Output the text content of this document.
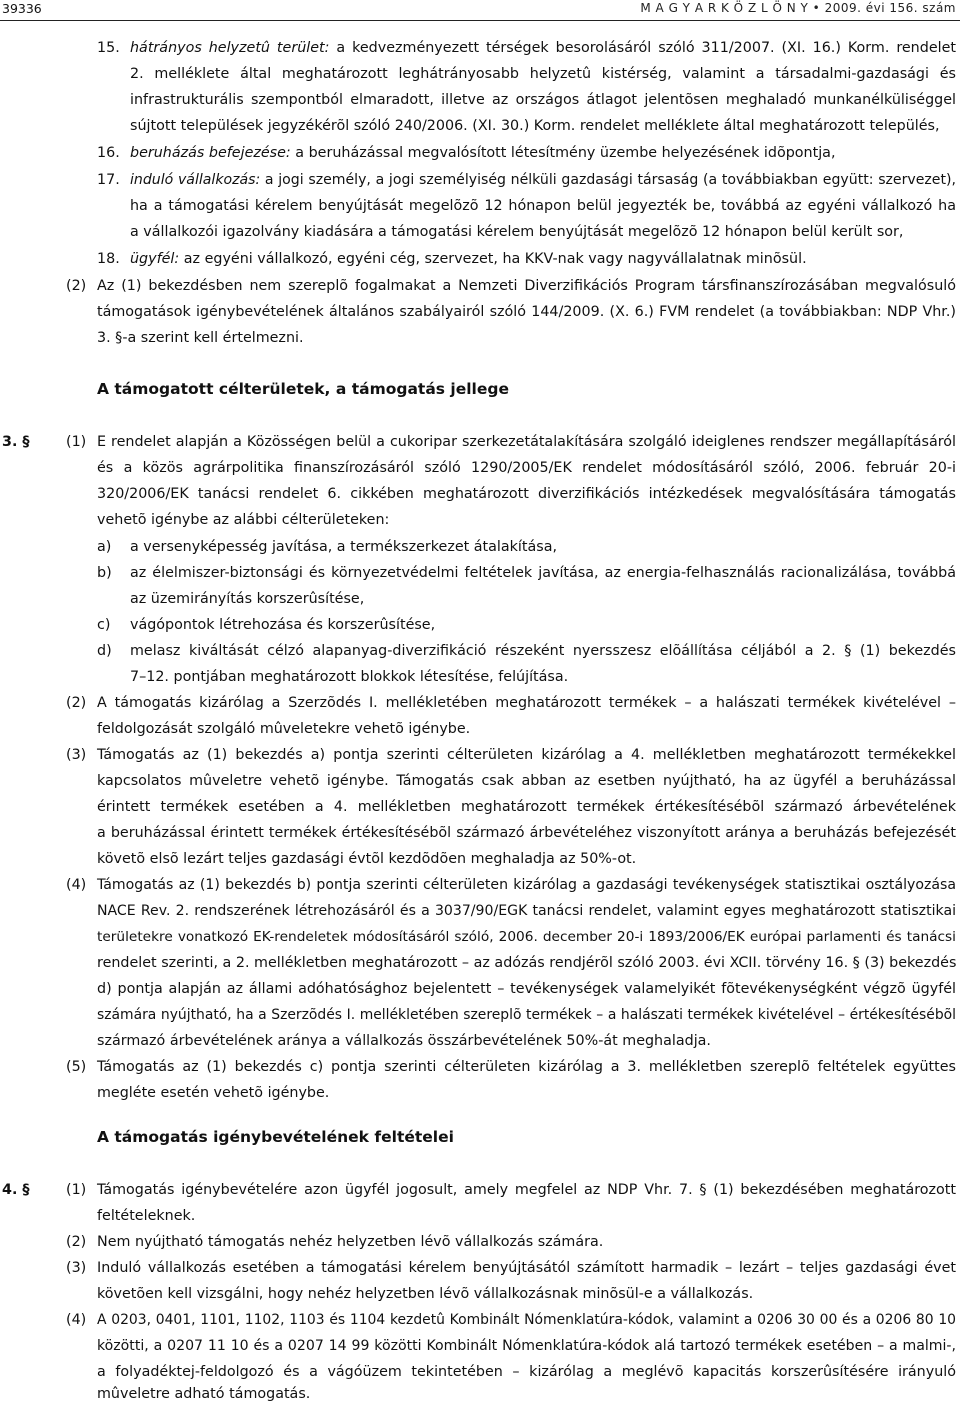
39336	M A G Y A R K Ö Z L Ö N Y • 2009. évi 156. szám
15. hátrányos helyzetû terület: a kedvezményezett térségek besorolásáról szóló 311/2007. (XI. 16.) Korm. rendelet
2. melléklete által meghatározott leghátrányosabb helyzetû kistérség, valamint a társadalmi-gazdasági és
infrastrukturális szempontból elmaradott, illetve az országos átlagot jelentõsen meghaladó munkanélküliséggel
sújtott települések jegyzékérõl szóló 240/2006. (XI. 30.) Korm. rendelet melléklete által meghatározott település,
16. beruházás befejezése: a beruházással megvalósított létesítmény üzembe helyezésének idõpontja,
17. induló vállalkozás: a jogi személy, a jogi személyiség nélküli gazdasági társaság (a továbbiakban együtt: szervezet),
ha a támogatási kérelem benyújtását megelõzõ 12 hónapon belül jegyezték be, továbbá az egyéni vállalkozó ha
a vállalkozói igazolvány kiadására a támogatási kérelem benyújtását megelõzõ 12 hónapon belül került sor,
18. ügyfél: az egyéni vállalkozó, egyéni cég, szervezet, ha KKV-nak vagy nagyvállalatnak minõsül.
(2) Az (1) bekezdésben nem szereplõ fogalmakat a Nemzeti Diverzifikációs Program társfinanszírozásában megvalósuló
támogatások igénybevételének általános szabályairól szóló 144/2009. (X. 6.) FVM rendelet (a továbbiakban: NDP Vhr.)
3. §-a szerint kell értelmezni.
A támogatott célterületek, a támogatás jellege
3. §	(1) E rendelet alapján a Közösségen belül a cukoripar szerkezetátalakítására szolgáló ideiglenes rendszer megállapításáról
és a közös agrárpolitika finanszírozásáról szóló 1290/2005/EK rendelet módosításáról szóló, 2006. február 20-i
320/2006/EK tanácsi rendelet 6. cikkében meghatározott diverzifikációs intézkedések megvalósítására támogatás
vehetõ igénybe az alábbi célterületeken:
a) a versenyképesség javítása, a termékszerkezet átalakítása,
b) az élelmiszer-biztonsági és környezetvédelmi feltételek javítása, az energia-felhasználás racionalizálása, továbbá
az üzemirányítás korszerûsítése,
c) vágópontok létrehozása és korszerûsítése,
d) melasz kiváltását célzó alapanyag-diverzifikáció részeként nyersszesz elõállítása céljából a 2. § (1) bekezdés
7–12. pontjában meghatározott blokkok létesítése, felújítása.
(2) A támogatás kizárólag a Szerzõdés I. mellékletében meghatározott termékek – a halászati termékek kivételével –
feldolgozását szolgáló mûveletekre vehetõ igénybe.
(3) Támogatás az (1) bekezdés a) pontja szerinti célterületen kizárólag a 4. mellékletben meghatározott termékekkel
kapcsolatos mûveletre vehetõ igénybe. Támogatás csak abban az esetben nyújtható, ha az ügyfél a beruházással
érintett termékek esetében a 4. mellékletben meghatározott termékek értékesítésébõl származó árbevételének
a beruházással érintett termékek értékesítésébõl származó árbevételéhez viszonyított aránya a beruházás befejezését
követõ elsõ lezárt teljes gazdasági évtõl kezdõdõen meghaladja az 50%-ot.
(4) Támogatás az (1) bekezdés b) pontja szerinti célterületen kizárólag a gazdasági tevékenységek statisztikai osztályozása
NACE Rev. 2. rendszerének létrehozásáról és a 3037/90/EGK tanácsi rendelet, valamint egyes meghatározott statisztikai
területekre vonatkozó EK-rendeletek módosításáról szóló, 2006. december 20-i 1893/2006/EK európai parlamenti és tanácsi
rendelet szerinti, a 2. mellékletben meghatározott – az adózás rendjérõl szóló 2003. évi XCII. törvény 16. § (3) bekezdés
d) pontja alapján az állami adóhatósághoz bejelentett – tevékenységek valamelyikét fõtevékenységként végzõ ügyfél
számára nyújtható, ha a Szerzõdés I. mellékletében szereplõ termékek – a halászati termékek kivételével – értékesítésébõl
származó árbevételének aránya a vállalkozás összárbevételének 50%-át meghaladja.
(5) Támogatás az (1) bekezdés c) pontja szerinti célterületen kizárólag a 3. mellékletben szereplõ feltételek együttes
megléte esetén vehetõ igénybe.
A támogatás igénybevételének feltételei
4. §	(1) Támogatás igénybevételére azon ügyfél jogosult, amely megfelel az NDP Vhr. 7. § (1) bekezdésében meghatározott
feltételeknek.
(2) Nem nyújtható támogatás nehéz helyzetben lévõ vállalkozás számára.
(3) Induló vállalkozás esetében a támogatási kérelem benyújtásától számított harmadik – lezárt – teljes gazdasági évet
követõen kell vizsgálni, hogy nehéz helyzetben lévõ vállalkozásnak minõsül-e a vállalkozás.
(4) A 0203, 0401, 1101, 1102, 1103 és 1104 kezdetû Kombinált Nómenklatúra-kódok, valamint a 0206 30 00 és a 0206 80 10
közötti, a 0207 11 10 és a 0207 14 99 közötti Kombinált Nómenklatúra-kódok alá tartozó termékek esetében – a malmi-,
a folyadéktej-feldolgozó és a vágóüzem tekintetében – kizárólag a meglévõ kapacitás korszerûsítésére irányuló
mûveletre adható támogatás.
